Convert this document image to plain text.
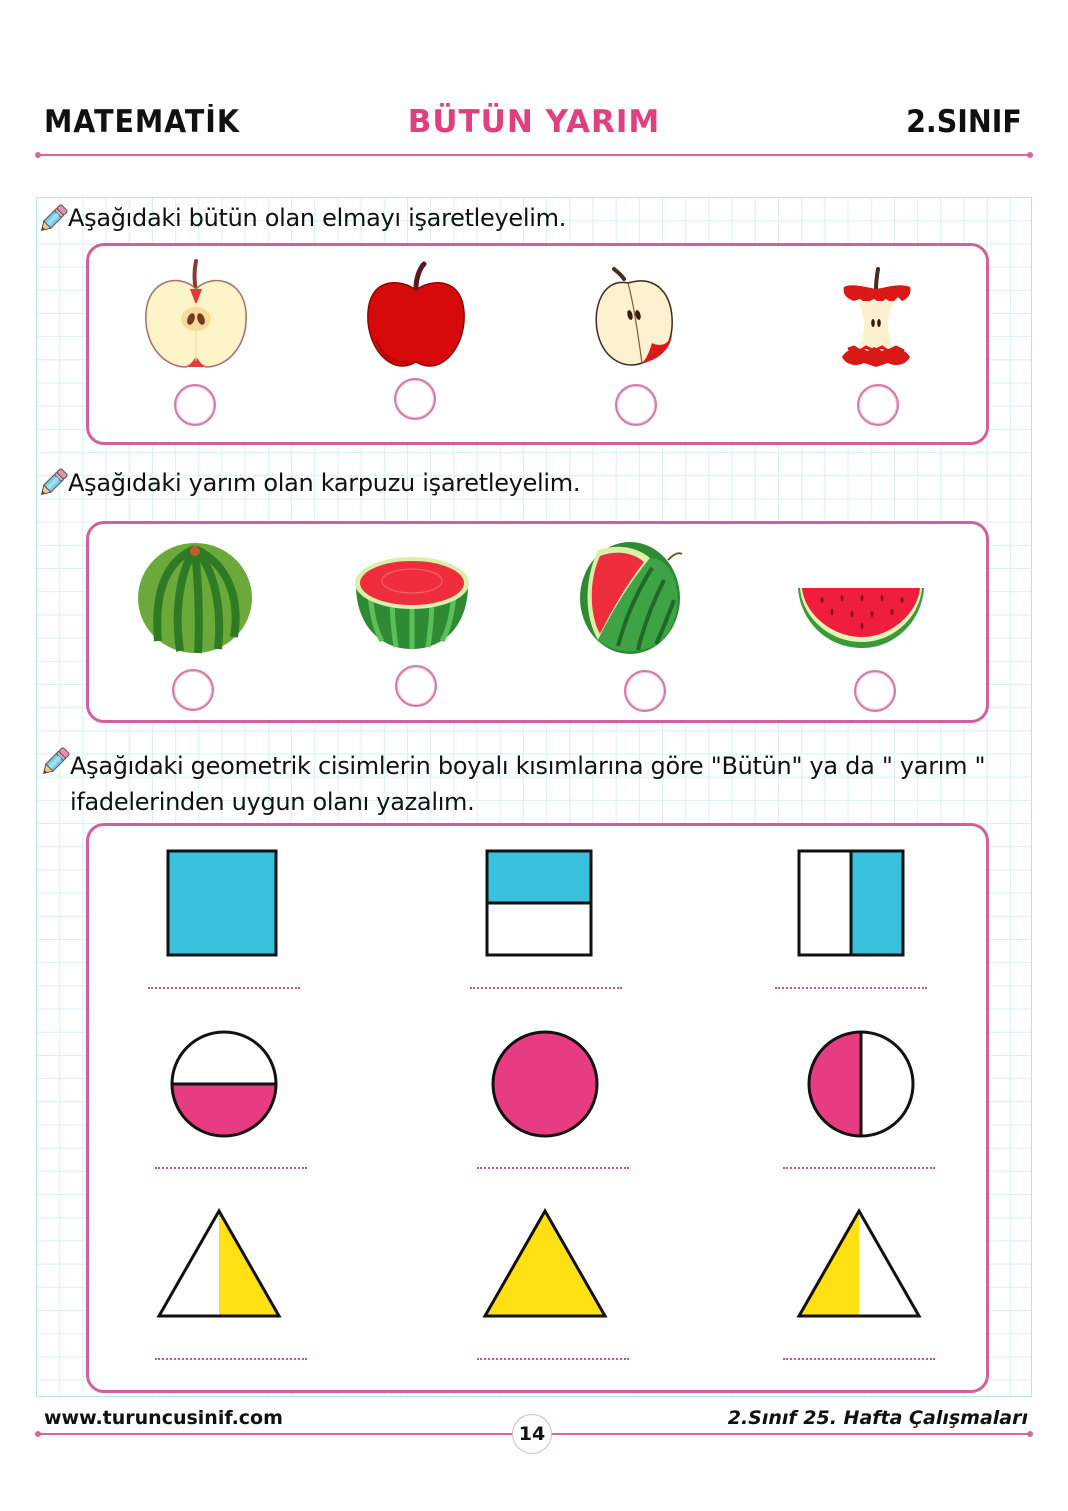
MATEMATİK	BÜTÜN YARIM	2.SINIF
Aşağıdaki bütün olan elmayı işaretleyelim.
Aşağıdaki yarım olan karpuzu işaretleyelim.
Aşağıdaki geometrik cisimlerin boyalı kısımlarına göre "Bütün" ya da " yarım "
ifadelerinden uygun olanı yazalım.
www.turuncusinif.com	2.Sınıf 25. Hafta Çalışmaları
14
